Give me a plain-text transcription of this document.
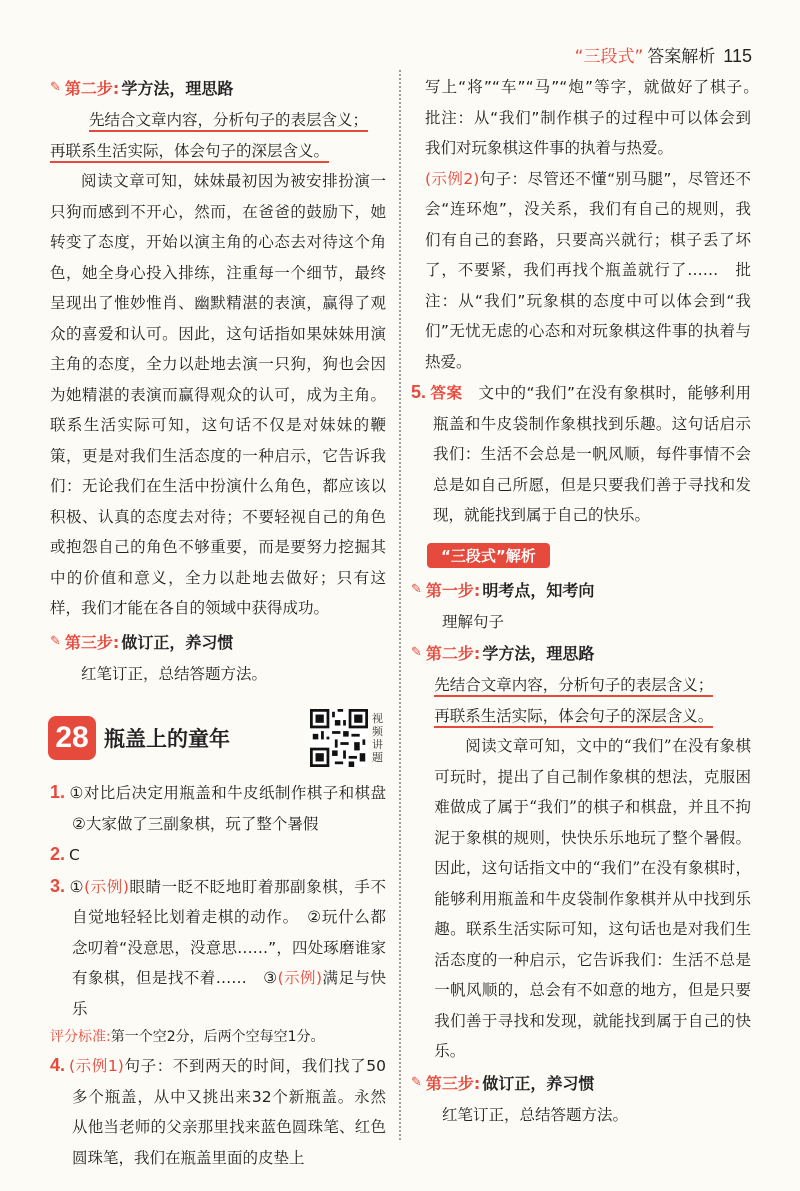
“三段式” 答案解析 115
✎ 第二步: 学方法，理思路
先结合文章内容，分析句子的表层含义；
再联系生活实际，体会句子的深层含义。
阅读文章可知，妹妹最初因为被安排扮演一只狗而感到不开心，然而，在爸爸的鼓励下，她转变了态度，开始以演主角的心态去对待这个角色，她全身心投入排练，注重每一个细节，最终呈现出了惟妙惟肖、幽默精湛的表演，赢得了观众的喜爱和认可。因此，这句话指如果妹妹用演主角的态度，全力以赴地去演一只狗，狗也会因为她精湛的表演而赢得观众的认可，成为主角。联系生活实际可知，这句话不仅是对妹妹的鞭策，更是对我们生活态度的一种启示，它告诉我们：无论我们在生活中扮演什么角色，都应该以积极、认真的态度去对待；不要轻视自己的角色或抱怨自己的角色不够重要，而是要努力挖掘其中的价值和意义，全力以赴地去做好；只有这样，我们才能在各自的领域中获得成功。
✎ 第三步: 做订正，养习惯
红笔订正，总结答题方法。
28 瓶盖上的童年
视频讲题
1. ①对比后决定用瓶盖和牛皮纸制作棋子和棋盘　②大家做了三副象棋，玩了整个暑假
2. C
3. ①(示例)眼睛一眨不眨地盯着那副象棋，手不自觉地轻轻比划着走棋的动作。　②玩什么都念叨着“没意思，没意思……”，四处琢磨谁家有象棋，但是找不着……　③(示例)满足与快乐
评分标准:第一个空2分，后两个空每空1分。
4. (示例1)句子：不到两天的时间，我们找了50多个瓶盖，从中又挑出来32个新瓶盖。永然从他当老师的父亲那里找来蓝色圆珠笔、红色圆珠笔，我们在瓶盖里面的皮垫上
写上“将”“车”“马”“炮”等字，就做好了棋子。　批注：从“我们”制作棋子的过程中可以体会到我们对玩象棋这件事的执着与热爱。
(示例2)句子：尽管还不懂“别马腿”，尽管还不会“连环炮”，没关系，我们有自己的规则，我们有自己的套路，只要高兴就行；棋子丢了坏了，不要紧，我们再找个瓶盖就行了……　批注：从“我们”玩象棋的态度中可以体会到“我们”无忧无虑的心态和对玩象棋这件事的执着与热爱。
5. 答案　 文中的“我们”在没有象棋时，能够利用瓶盖和牛皮袋制作象棋找到乐趣。这句话启示我们：生活不会总是一帆风顺，每件事情不会总是如自己所愿，但是只要我们善于寻找和发现，就能找到属于自己的快乐。
“三段式”解析
✎ 第一步: 明考点，知考向
理解句子
✎ 第二步: 学方法，理思路
先结合文章内容，分析句子的表层含义；
再联系生活实际，体会句子的深层含义。
阅读文章可知，文中的“我们”在没有象棋可玩时，提出了自己制作象棋的想法，克服困难做成了属于“我们”的棋子和棋盘，并且不拘泥于象棋的规则，快快乐乐地玩了整个暑假。因此，这句话指文中的“我们”在没有象棋时，能够利用瓶盖和牛皮袋制作象棋并从中找到乐趣。联系生活实际可知，这句话也是对我们生活态度的一种启示，它告诉我们：生活不总是一帆风顺的，总会有不如意的地方，但是只要我们善于寻找和发现，就能找到属于自己的快乐。
✎ 第三步: 做订正，养习惯
红笔订正，总结答题方法。
